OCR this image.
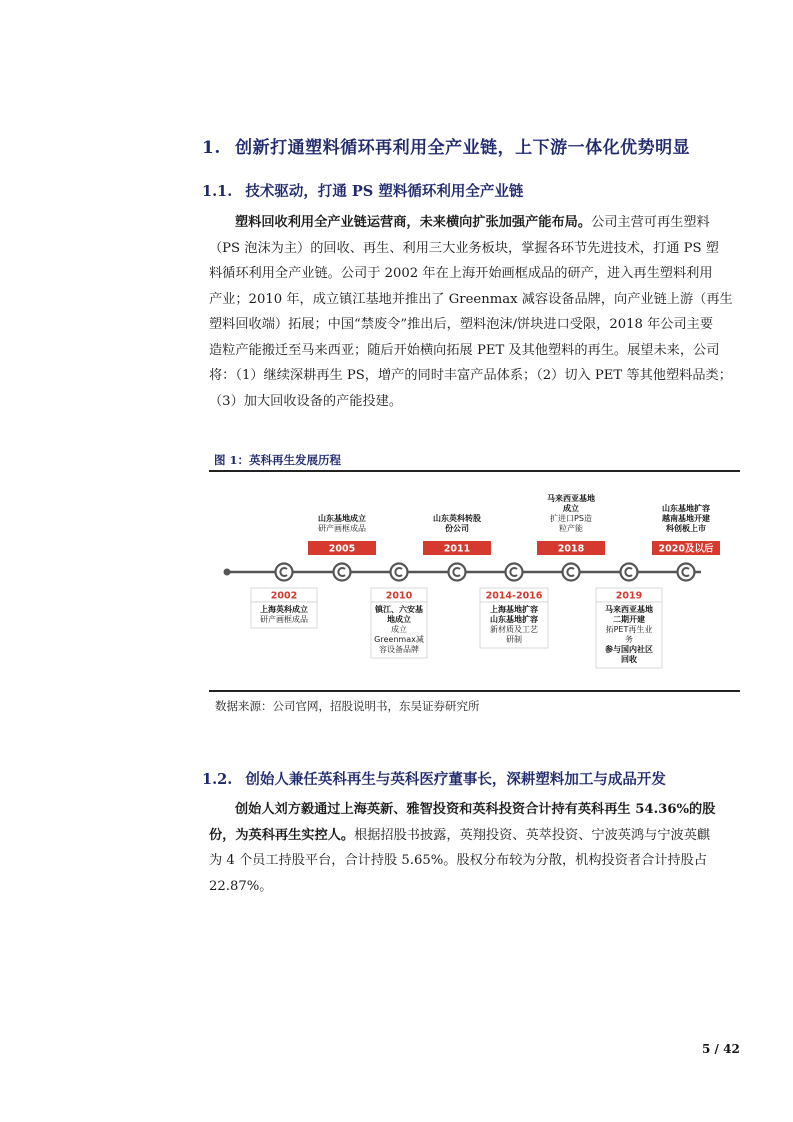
1. 创新打通塑料循环再利用全产业链，上下游一体化优势明显
1.1. 技术驱动，打通 PS 塑料循环利用全产业链
塑料回收利用全产业链运营商，未来横向扩张加强产能布局。公司主营可再生塑料
（PS 泡沫为主）的回收、再生、利用三大业务板块，掌握各环节先进技术，打通 PS 塑
料循环利用全产业链。公司于 2002 年在上海开始画框成品的研产，进入再生塑料利用
产业；2010 年，成立镇江基地并推出了 Greenmax 减容设备品牌，向产业链上游（再生
塑料回收端）拓展；中国“禁废令”推出后，塑料泡沫/饼块进口受限，2018 年公司主要
造粒产能搬迁至马来西亚；随后开始横向拓展 PET 及其他塑料的再生。展望未来，公司
将：（1）继续深耕再生 PS，增产的同时丰富产品体系；（2）切入 PET 等其他塑料品类；
（3）加大回收设备的产能投建。
图 1：英科再生发展历程
山东基地成立
研产画框成品
2005
山东英科转股
份公司
2011
马来西亚基地
成立
扩进口PS造
粒产能
2018
山东基地扩容
越南基地开建
科创板上市
2020及以后
2002
上海英科成立
研产画框成品
2010
镇江、六安基
地成立
成立
Greenmax减
容设备品牌
2014-2016
上海基地扩容
山东基地扩容
新材质及工艺
研制
2019
马来西亚基地
二期开建
拓PET再生业
务
参与国内社区
回收
数据来源：公司官网，招股说明书，东吴证券研究所
1.2. 创始人兼任英科再生与英科医疗董事长，深耕塑料加工与成品开发
创始人刘方毅通过上海英新、雅智投资和英科投资合计持有英科再生 54.36%的股
份，为英科再生实控人。根据招股书披露，英翔投资、英萃投资、宁波英鸿与宁波英麒
为 4 个员工持股平台，合计持股 5.65%。股权分布较为分散，机构投资者合计持股占
22.87%。
5 / 42
